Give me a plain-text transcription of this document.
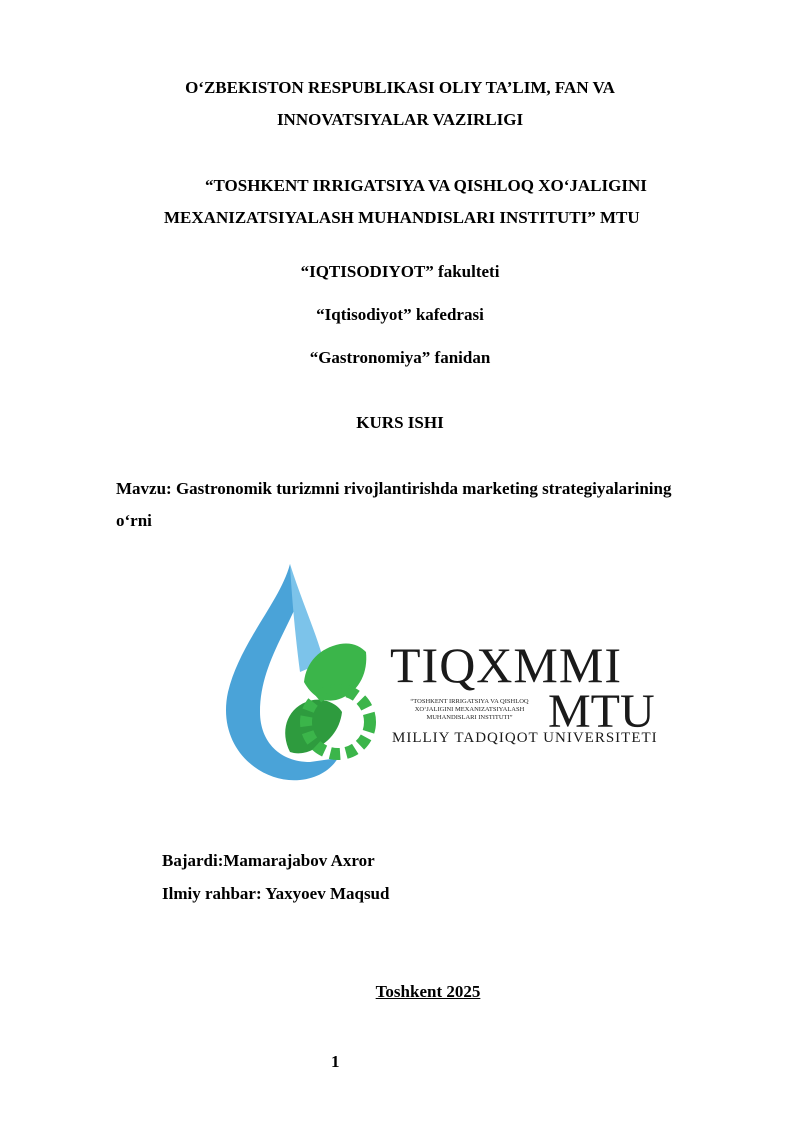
O‘ZBEKISTON RESPUBLIKASI OLIY TA’LIM, FAN VA
INNOVATSIYALAR VAZIRLIGI
“TOSHKENT IRRIGATSIYA VA QISHLOQ XO‘JALIGINI
MEXANIZATSIYALASH MUHANDISLARI INSTITUTI” MTU
“IQTISODIYOT” fakulteti
“Iqtisodiyot” kafedrasi
“Gastronomiya” fanidan
KURS ISHI
Mavzu: Gastronomik turizmni rivojlantirishda marketing strategiyalarining
o‘rni
TIQXMMI
“TOSHKENT IRRIGATSIYA VA QISHLOQ XO‘JALIGINI MEXANIZATSIYALASH MUHANDISLARI INSTITUTI” MTU
MILLIY TADQIQOT UNIVERSITETI
Bajardi:Mamarajabov Axror
Ilmiy rahbar: Yaxyoev Maqsud
Toshkent 2025
1
